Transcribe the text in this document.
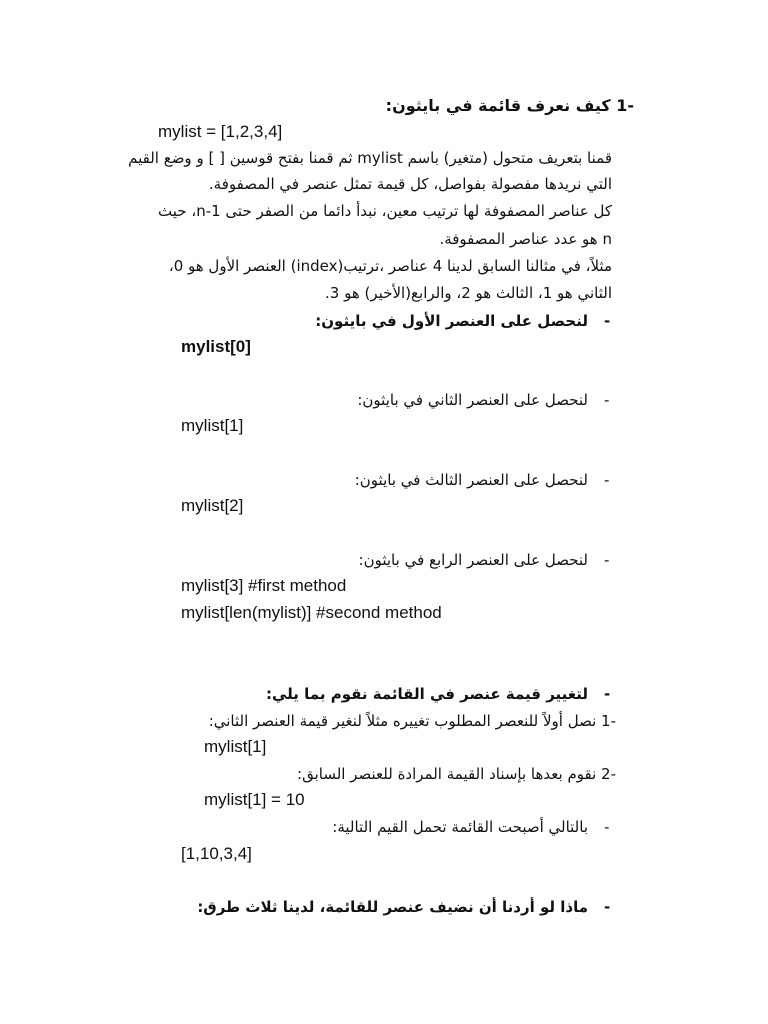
-1 كيف نعرف قائمة في بايثون:
mylist = [1,2,3,4]
قمنا بتعريف متحول (متغير) باسم mylist ثم قمنا بفتح قوسين [ ] و وضع القيم
التي نريدها مفصولة بفواصل، كل قيمة تمثل عنصر في المصفوفة.
كل عناصر المصفوفة لها ترتيب معين، نبدأ دائما من الصفر حتى n-1، حيث
n هو عدد عناصر المصفوفة.
مثلاً، في مثالنا السابق لدينا 4 عناصر ،ترتيب(index) العنصر الأول هو 0،
الثاني هو 1، الثالث هو 2، والرابع(الأخير) هو 3.
-
لنحصل على العنصر الأول في بايثون:
mylist[0]
-
لنحصل على العنصر الثاني في بايثون:
mylist[1]
-
لنحصل على العنصر الثالث في بايثون:
mylist[2]
-
لنحصل على العنصر الرابع في بايثون:
mylist[3] #first method
mylist[len(mylist)] #second method
-
لتغيير قيمة عنصر في القائمة نقوم بما يلي:
-1 نصل أولاً للنعصر المطلوب تغييره مثلاً لنغير قيمة العنصر الثاني:
mylist[1]
-2 نقوم بعدها بإسناد القيمة المرادة للعنصر السابق:
mylist[1] = 10
-
بالتالي أصبحت القائمة تحمل القيم التالية:
[1,10,3,4]
-
ماذا لو أردنا أن نضيف عنصر للقائمة، لدينا ثلاث طرق:
